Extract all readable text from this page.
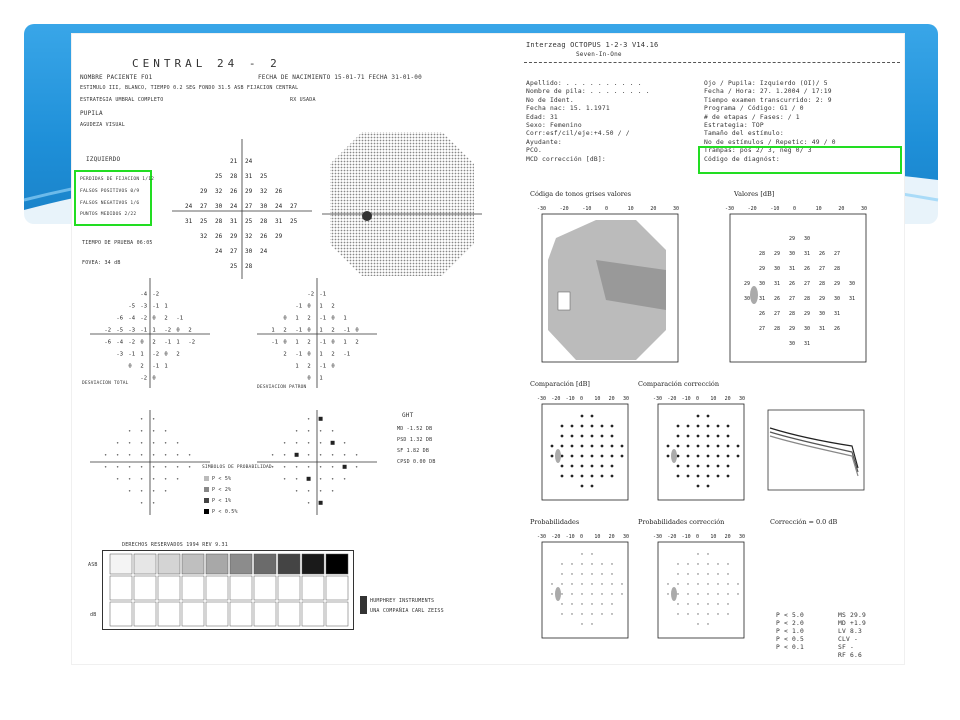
CENTRAL 24 - 2
NOMBRE PACIENTE FO1	FECHA DE NACIMIENTO 15-01-71 FECHA 31-01-00
ESTIMULO III, BLANCO, TIEMPO 0.2 SEG FONDO 31.5 ASB FIJACION CENTRAL
ESTRATEGIA UMBRAL COMPLETO
PUPILA
AGUDEZA VISUAL
RX USADA
IZQUIERDO
PERDIDAS DE FIJACION 1/12
FALSOS POSITIVOS 0/9
FALSOS NEGATIVOS 1/6
PUNTOS MEDIDOS 2/22
TIEMPO DE PRUEBA 06:05
FOVEA: 34 dB
21 24
25 28 31 25
29 32 26 29 32 26
24 27 30 24 27 30 24 27
31 25 28 31 25 28 31 25
32 26 29 32 26 29
24 27 30 24
25 28
-4 -2
-5 -3 -1 1
-6 -4 -2 0 2 -1
-2 -5 -3 -1 1 -2 0 2
-6 -4 -2 0 2 -1 1 -2
-3 -1 1 -2 0 2
0 2 -1 1
-2 0
-2 -1
-1 0 1 2
0 1 2 -1 0 1
1 2 -1 0 1 2 -1 0
-1 0 1 2 -1 0 1 2
2 -1 0 1 2 -1
1 2 -1 0
0 1
DESVIACION TOTAL
DESVIACION PATRON
GHT
MD -1.52 DB
PSD 1.32 DB
SF 1.82 DB
CPSD 0.00 DB
SIMBOLOS DE PROBABILIDAD
P < 5%
P < 2%
P < 1%
P < 0.5%
DERECHOS RESERVADOS 1994 REV 9.31
ASB
dB
HUMPHREY INSTRUMENTS
UNA COMPAÑIA CARL ZEISS
Interzeag OCTOPUS 1-2-3 V14.16
Seven-In-One
Apellido: . . . . . . . . . .
Nombre de pila: . . . . . . . .
No de Ident.
Fecha nac: 15. 1.1971
Edad: 31
Sexo: Femenino
Corr:esf/cil/eje:+4.50 / /
Ayudante:
PCO.
MCD corrección [dB]:
Ojo / Pupila: Izquierdo (OI)/ 5
Fecha / Hora: 27. 1.2004 / 17:19
Tiempo examen transcurrido: 2: 9
Programa / Código: G1 / 0
# de etapas / Fases: / 1
Estrategia: TOP
Tamaño del estímulo:
No de estímulos / Repetic: 49 / 0
Trampas: pos 2/ 3, neg 0/ 3
Código de diagnóst:
Códiga de tonos grises valores	Valores [dB]
-30	-20	-10	0	10	20	30	-30	-20	-10	0	10	20	30
29 30
28 29 30 31 26 27
29 30 31 26 27 28
29 30 31 26 27 28 29 30
30 31 26 27 28 29 30 31
26 27 28 29 30 31
27 28 29 30 31 26
30 31
Comparación [dB]	Comparación corrección
-30 -20 -10 0 10 20 30	-30 -20 -10 0 10 20 30
Probabilidades	Probabilidades corrección	Corrección = 0.0 dB
-30 -20 -10 0 10 20 30	-30 -20 -10 0 10 20 30
P < 5.0
P < 2.0
P < 1.0
P < 0.5
P < 0.1
MS 29.9
MD +1.9
LV 8.3
CLV -
SF -
RF 6.6
